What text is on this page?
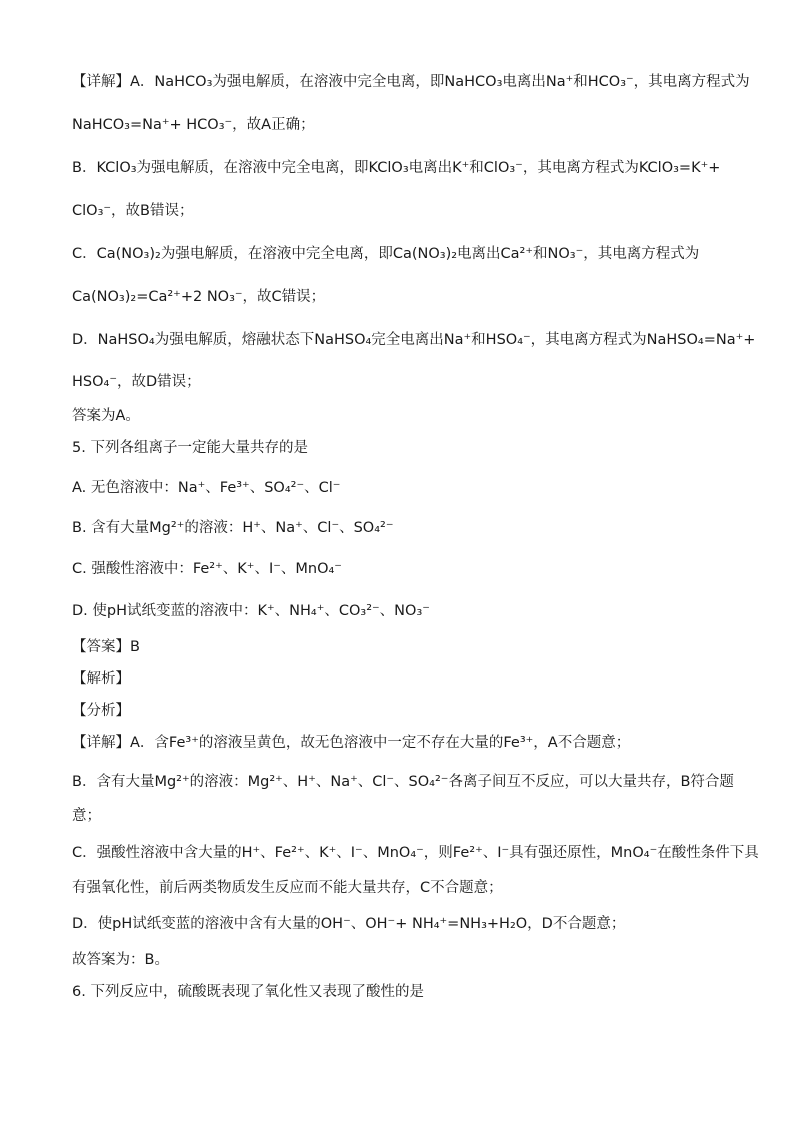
【详解】A．NaHCO₃为强电解质，在溶液中完全电离，即NaHCO₃电离出Na⁺和HCO₃⁻，其电离方程式为
NaHCO₃=Na⁺+ HCO₃⁻，故A正确；
B．KClO₃为强电解质，在溶液中完全电离，即KClO₃电离出K⁺和ClO₃⁻，其电离方程式为KClO₃=K⁺+
ClO₃⁻，故B错误；
C．Ca(NO₃)₂为强电解质，在溶液中完全电离，即Ca(NO₃)₂电离出Ca²⁺和NO₃⁻，其电离方程式为
Ca(NO₃)₂=Ca²⁺+2 NO₃⁻，故C错误；
D．NaHSO₄为强电解质，熔融状态下NaHSO₄完全电离出Na⁺和HSO₄⁻，其电离方程式为NaHSO₄=Na⁺+
HSO₄⁻，故D错误；
答案为A。
5. 下列各组离子一定能大量共存的是
A. 无色溶液中：Na⁺、Fe³⁺、SO₄²⁻、Cl⁻
B. 含有大量Mg²⁺的溶液：H⁺、Na⁺、Cl⁻、SO₄²⁻
C. 强酸性溶液中：Fe²⁺、K⁺、I⁻、MnO₄⁻
D. 使pH试纸变蓝的溶液中：K⁺、NH₄⁺、CO₃²⁻、NO₃⁻
【答案】B
【解析】
【分析】
【详解】A．含Fe³⁺的溶液呈黄色，故无色溶液中一定不存在大量的Fe³⁺，A不合题意；
B．含有大量Mg²⁺的溶液：Mg²⁺、H⁺、Na⁺、Cl⁻、SO₄²⁻各离子间互不反应，可以大量共存，B符合题
意；
C．强酸性溶液中含大量的H⁺、Fe²⁺、K⁺、I⁻、MnO₄⁻，则Fe²⁺、I⁻具有强还原性，MnO₄⁻在酸性条件下具
有强氧化性，前后两类物质发生反应而不能大量共存，C不合题意；
D．使pH试纸变蓝的溶液中含有大量的OH⁻、OH⁻+ NH₄⁺=NH₃+H₂O，D不合题意；
故答案为：B。
6. 下列反应中，硫酸既表现了氧化性又表现了酸性的是
